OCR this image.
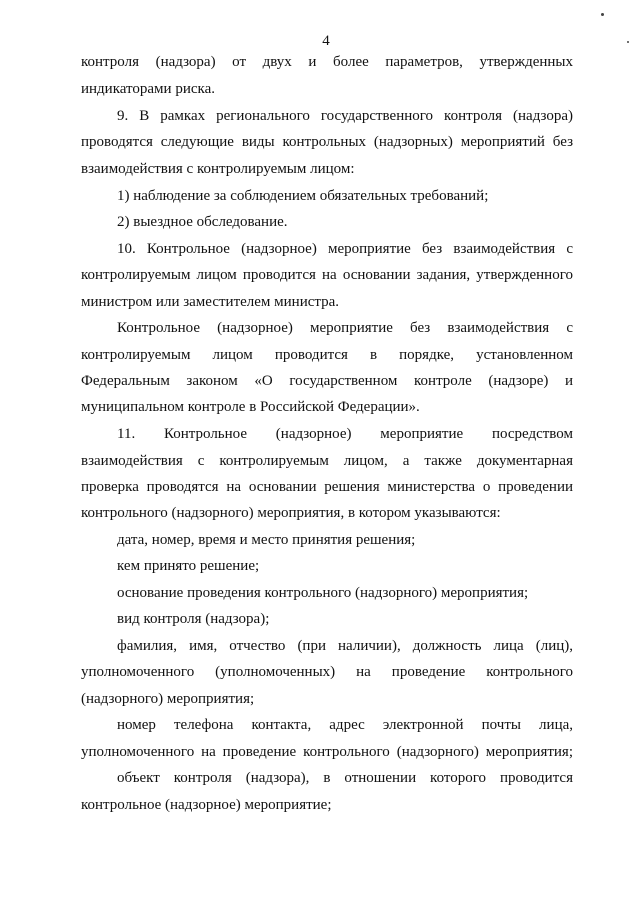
4
контроля (надзора) от двух и более параметров, утвержденных
индикаторами риска.
9. В рамках регионального государственного контроля (надзора)
проводятся следующие виды контрольных (надзорных) мероприятий без
взаимодействия с контролируемым лицом:
1) наблюдение за соблюдением обязательных требований;
2) выездное обследование.
10. Контрольное (надзорное) мероприятие без взаимодействия с
контролируемым лицом проводится на основании задания, утвержденного
министром или заместителем министра.
Контрольное (надзорное) мероприятие без взаимодействия с
контролируемым лицом проводится в порядке, установленном
Федеральным законом «О государственном контроле (надзоре) и
муниципальном контроле в Российской Федерации».
11. Контрольное (надзорное) мероприятие посредством
взаимодействия с контролируемым лицом, а также документарная
проверка проводятся на основании решения министерства о проведении
контрольного (надзорного) мероприятия, в котором указываются:
дата, номер, время и место принятия решения;
кем принято решение;
основание проведения контрольного (надзорного) мероприятия;
вид контроля (надзора);
фамилия, имя, отчество (при наличии), должность лица (лиц),
уполномоченного (уполномоченных) на проведение контрольного
(надзорного) мероприятия;
номер телефона контакта, адрес электронной почты лица,
уполномоченного на проведение контрольного (надзорного) мероприятия;
объект контроля (надзора), в отношении которого проводится
контрольное (надзорное) мероприятие;
